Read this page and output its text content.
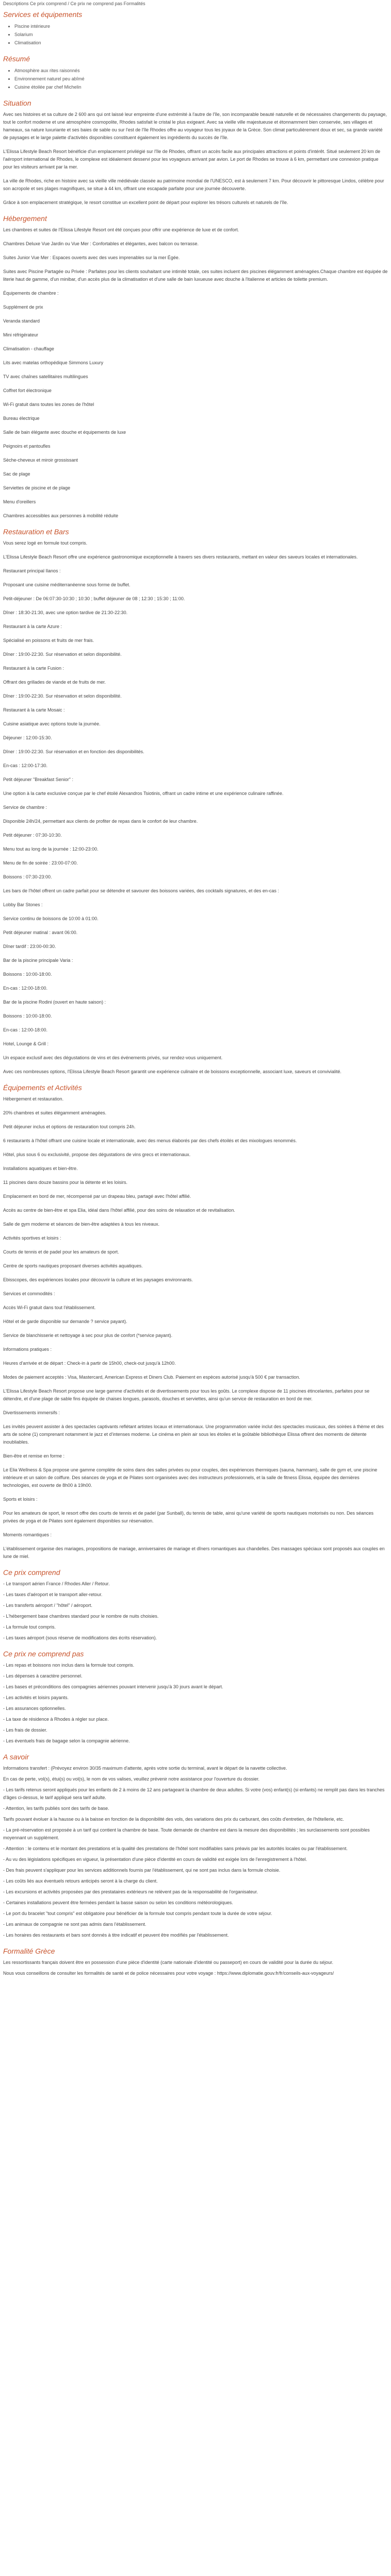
Descriptions Ce prix comprend / Ce prix ne comprend pas Formalités

Services et équipements
• Piscine intérieure
• Solarium
• Climatisation
Résumé
• Atmosphère aux rites raisonnés
• Environnement naturel peu abîmé
• Cuisine étoilée par chef Michelin
Situation

Avec ses histoires et sa culture de 2 600 ans qui ont laissé leur empreinte d'une extrémité à l'autre de l'île, son incomparable beauté naturelle et de nécessaires changements du paysage, tout le confort moderne et une atmosphère cosmopolite, Rhodes satisfait le cristal le plus exigeant. Avec sa vieille ville majestueuse et étonnamment bien conservée, ses villages et hameaux, sa nature luxuriante et ses baies de sable ou sur l'est de l'île Rhodes offre au voyageur tous les joyaux de la Grèce. Son climat particulièrement doux et sec, sa grande variété de paysages et le large palette d'activités disponibles constituent également les ingrédients du succès de l'île.

L'Elissa Lifestyle Beach Resort bénéficie d'un emplacement privilégié sur l'île de Rhodes, offrant un accès facile aux principales attractions et points d'intérêt. Situé seulement 20 km de l'aéroport international de Rhodes, le complexe est idéalement desservi pour les voyageurs arrivant par avion. Le port de Rhodes se trouve à 6 km, permettant une connexion pratique pour les visiteurs arrivant par la mer.

La ville de Rhodes, riche en histoire avec sa vieille ville médiévale classée au patrimoine mondial de l'UNESCO, est à seulement 7 km. Pour découvrir le pittoresque Lindos, célèbre pour son acropole et ses plages magnifiques, se situe à 44 km, offrant une escapade parfaite pour une journée découverte.

Grâce à son emplacement stratégique, le resort constitue un excellent point de départ pour explorer les trésors culturels et naturels de l'île.

Hébergement

Les chambres et suites de l'Elissa Lifestyle Resort ont été conçues pour offrir une expérience de luxe et de confort.

Chambres Deluxe Vue Jardin ou Vue Mer : Confortables et élégantes, avec balcon ou terrasse.

Suites Junior Vue Mer : Espaces ouverts avec des vues imprenables sur la mer Égée.

Suites avec Piscine Partagée ou Privée : Parfaites pour les clients souhaitant une intimité totale, ces suites incluent des piscines élégamment aménagées.Chaque chambre est équipée de literie haut de gamme, d'un minibar, d'un accès plus de la climatisation et d'une salle de bain luxueuse avec douche à l'italienne et articles de toilette premium.

Équipements de chambre :

Supplément de prix

Veranda standard

Mini réfrigérateur

Climatisation - chauffage

Lits avec matelas orthopédique Simmons Luxury

TV avec chaînes satellitaires multilingues

Coffret fort électronique

Wi-Fi gratuit dans toutes les zones de l'hôtel

Bureau électrique

Salle de bain élégante avec douche et équipements de luxe

Peignoirs et pantoufles

Sèche-cheveux et miroir grossissant

Sac de plage

Serviettes de piscine et de plage

Menu d'oreillers

Chambres accessibles aux personnes à mobilité réduite

Restauration et Bars

Vous serez logé en formule tout compris.

L'Elissa Lifestyle Beach Resort offre une expérience gastronomique exceptionnelle à travers ses divers restaurants, mettant en valeur des saveurs locales et internationales.

Restaurant principal Ilanos :

Proposant une cuisine méditerranéenne sous forme de buffet.

Petit-déjeuner : De 06:07:30-10:30 ; 10:30 ; buffet déjeuner de 08 ; 12:30 ; 15:30 ; 11:00.

Dîner : 18:30-21:30, avec une option tardive de 21:30-22:30.

Restaurant à la carte Azure :

Spécialisé en poissons et fruits de mer frais.

Dîner : 19:00-22:30. Sur réservation et selon disponibilité.

Restaurant à la carte Fusion :

Offrant des grillades de viande et de fruits de mer.

Dîner : 19:00-22:30. Sur réservation et selon disponibilité.

Restaurant à la carte Mosaic :

Cuisine asiatique avec options toute la journée.

Déjeuner : 12:00-15:30.

Dîner : 19:00-22:30. Sur réservation et en fonction des disponibilités.

En-cas : 12:00-17:30.

Petit déjeuner "Breakfast Senior" :

Une option à la carte exclusive conçue par le chef étoilé Alexandros Tsiotinis, offrant un cadre intime et une expérience culinaire raffinée.

Service de chambre :

Disponible 24h/24, permettant aux clients de profiter de repas dans le confort de leur chambre.

Petit déjeuner : 07:30-10:30.

Menu tout au long de la journée : 12:00-23:00.

Menu de fin de soirée : 23:00-07:00.

Boissons : 07:30-23:00.

Les bars de l'hôtel offrent un cadre parfait pour se détendre et savourer des boissons variées, des cocktails signatures, et des en-cas :

Lobby Bar Stones :

Service continu de boissons de 10:00 à 01:00.

Petit déjeuner matinal : avant 06:00.

Dîner tardif : 23:00-00:30.

Bar de la piscine principale Varia :

Boissons : 10:00-18:00.

En-cas : 12:00-18:00.

Bar de la piscine Rodini (ouvert en haute saison) :

Boissons : 10:00-18:00.

En-cas : 12:00-18:00.

Hotel, Lounge & Grill :

Un espace exclusif avec des dégustations de vins et des événements privés, sur rendez-vous uniquement.

Avec ces nombreuses options, l'Elissa Lifestyle Beach Resort garantit une expérience culinaire et de boissons exceptionnelle, associant luxe, saveurs et convivialité.

Équipements et Activités

Hébergement et restauration.

20% chambres et suites élégamment aménagées.

Petit déjeuner inclus et options de restauration tout compris 24h.

6 restaurants à l'hôtel offrant une cuisine locale et internationale, avec des menus élaborés par des chefs étoilés et des mixologues renommés.

Hôtel, plus sous 6 ou exclusivité, propose des dégustations de vins grecs et internationaux.

Installations aquatiques et bien-être.

11 piscines dans douze bassins pour la détente et les loisirs.

Emplacement en bord de mer, récompensé par un drapeau bleu, partagé avec l'hôtel affilié.

Accès au centre de bien-être et spa Elia, idéal dans l'hôtel affilié, pour des soins de relaxation et de revitalisation.

Salle de gym moderne et séances de bien-être adaptées à tous les niveaux.

Activités sportives et loisirs :

Courts de tennis et de padel pour les amateurs de sport.

Centre de sports nautiques proposant diverses activités aquatiques.

Ebisscopes, des expériences locales pour découvrir la culture et les paysages environnants.

Services et commodités :

Accès Wi-Fi gratuit dans tout l'établissement.

Hôtel et de garde disponible sur demande ? service payant).

Service de blanchisserie et nettoyage à sec pour plus de confort (*service payant).

Informations pratiques :

Heures d'arrivée et de départ : Check-in à partir de 15h00, check-out jusqu'à 12h00.

Modes de paiement acceptés : Visa, Mastercard, American Express et Diners Club. Paiement en espèces autorisé jusqu'à 500 € par transaction.

L'Elissa Lifestyle Beach Resort propose une large gamme d'activités et de divertissements pour tous les goûts. Le complexe dispose de 11 piscines étincelantes, parfaites pour se détendre, et d'une plage de sable fins équipée de chaises longues, parasols, douches et serviettes, ainsi qu'un service de restauration en bord de mer.

Divertissements immersifs :

Les invités peuvent assister à des spectacles captivants reflétant artistes locaux et internationaux. Une programmation variée inclut des spectacles musicaux, des soirées à thème et des arts de scène (1) comprenant notamment le jazz et d'intenses moderne. Le cinéma en plein air sous les étoiles et la goûtable bibliothèque Elissa offrent des moments de détente inoubliables.

Bien-être et remise en forme :

Le Elia Wellness & Spa propose une gamme complète de soins dans des salles privées ou pour couples, des expériences thermiques (sauna, hammam), salle de gym et, une piscine intérieure et un salon de coiffure. Des séances de yoga et de Pilates sont organisées avec des instructeurs professionnels, et la salle de fitness Elissa, équipée des dernières technologies, est ouverte de 8h00 à 19h00.

Sports et loisirs :

Pour les amateurs de sport, le resort offre des courts de tennis et de padel (par Sunball), du tennis de table, ainsi qu'une variété de sports nautiques motorisés ou non. Des séances privées de yoga et de Pilates sont également disponibles sur réservation.

Moments romantiques :

L'établissement organise des mariages, propositions de mariage, anniversaires de mariage et dîners romantiques aux chandelles. Des massages spéciaux sont proposés aux couples en lune de miel.

Ce prix comprend

- Le transport aérien France / Rhodes Aller / Retour.

- Les taxes d'aéroport et le transport aller-retour.

- Les transferts aéroport / "hôtel" / aéroport.

- L'hébergement base chambres standard pour le nombre de nuits choisies.

- La formule tout compris.

- Les taxes aéroport (sous réserve de modifications des écrits réservation).

Ce prix ne comprend pas

- Les repas et boissons non inclus dans la formule tout compris.

- Les dépenses à caractère personnel.

- Les bases et préconditions des compagnies aériennes pouvant intervenir jusqu'à 30 jours avant le départ.

- Les activités et loisirs payants.

- Les assurances optionnelles.

- La taxe de résidence à Rhodes à régler sur place.

- Les frais de dossier.

- Les éventuels frais de bagage selon la compagnie aérienne.

A savoir

Informations transfert : (Prévoyez environ 30/35 maximum d'attente, après votre sortie du terminal, avant le départ de la navette collective.

En cas de perte, vol(s), étui(s) ou vol(s), le nom de vos valises, veuillez prévenir notre assistance pour l'ouverture du dossier.

- Les tarifs retenus seront appliqués pour les enfants de 2 à moins de 12 ans partageant la chambre de deux adultes. Si votre (vos) enfant(s) (si enfants) ne remplit pas dans les tranches d'âges ci-dessus, le tarif appliqué sera tarif adulte.

- Attention, les tarifs publiés sont des tarifs de base.

Tarifs pouvant évoluer à la hausse ou à la baisse en fonction de la disponibilité des vols, des variations des prix du carburant, des coûts d'entretien, de l'hôtellerie, etc.

- La pré-réservation est proposée à un tarif qui contient la chambre de base. Toute demande de chambre est dans la mesure des disponibilités ; les surclassements sont possibles moyennant un supplément.

- Attention : le contenu et le montant des prestations et la qualité des prestations de l'hôtel sont modifiables sans préavis par les autorités locales ou par l'établissement.

- Au vu des législations spécifiques en vigueur, la présentation d'une pièce d'identité en cours de validité est exigée lors de l'enregistrement à l'hôtel.

- Des frais peuvent s'appliquer pour les services additionnels fournis par l'établissement, qui ne sont pas inclus dans la formule choisie.

- Les coûts liés aux éventuels retours anticipés seront à la charge du client.

- Les excursions et activités proposées par des prestataires extérieurs ne relèvent pas de la responsabilité de l'organisateur.

- Certaines installations peuvent être fermées pendant la basse saison ou selon les conditions météorologiques.

- Le port du bracelet "tout compris" est obligatoire pour bénéficier de la formule tout compris pendant toute la durée de votre séjour.

- Les animaux de compagnie ne sont pas admis dans l'établissement.

- Les horaires des restaurants et bars sont donnés à titre indicatif et peuvent être modifiés par l'établissement.

Formalité Grèce

Les ressortissants français doivent être en possession d'une pièce d'identité (carte nationale d'identité ou passeport) en cours de validité pour la durée du séjour.

Nous vous conseillons de consulter les formalités de santé et de police nécessaires pour votre voyage : https://www.diplomatie.gouv.fr/fr/conseils-aux-voyageurs/
